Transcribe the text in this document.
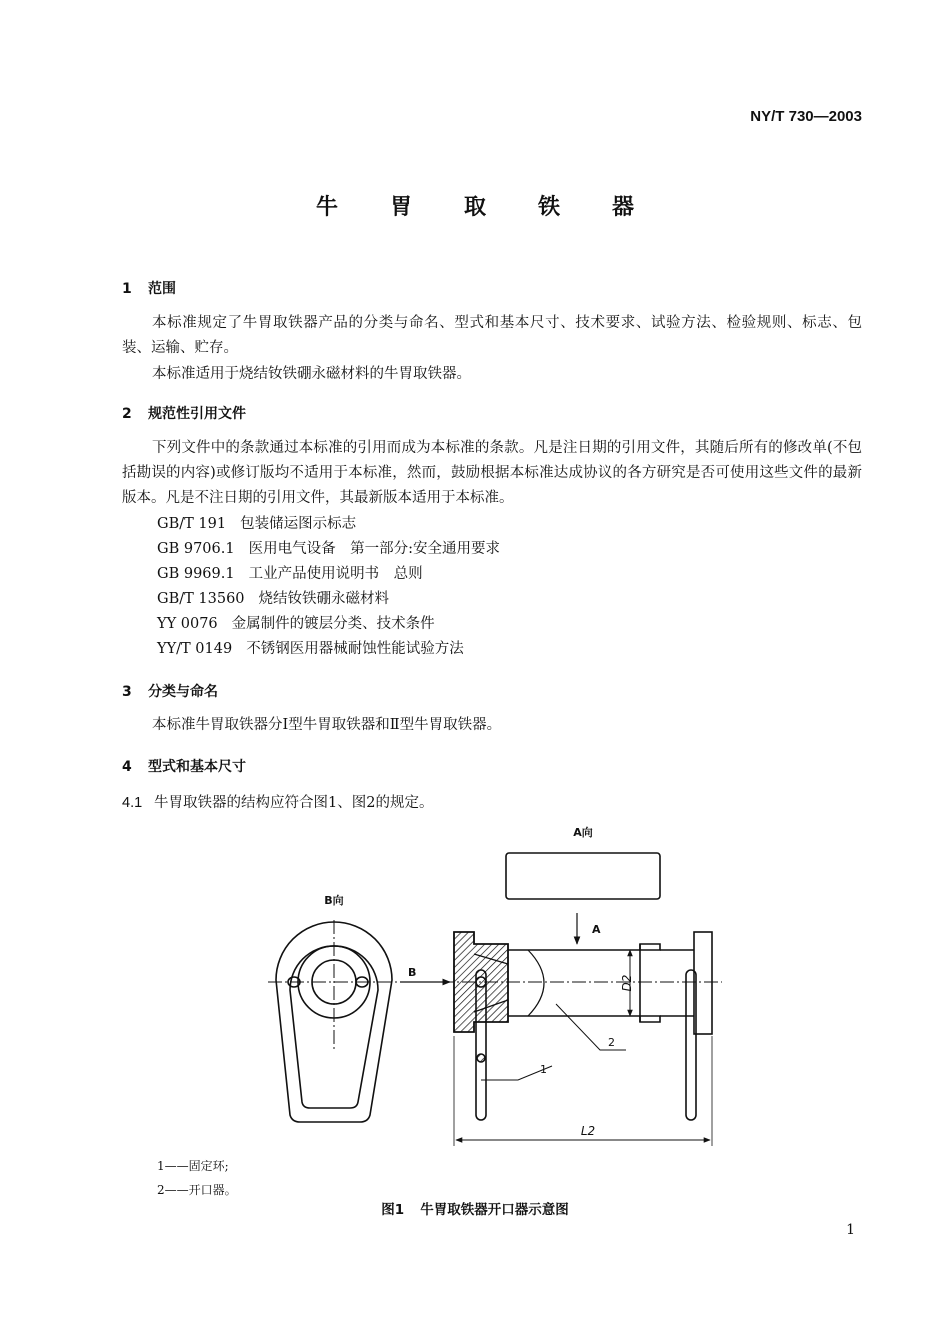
NY/T 730—2003
牛胃取铁器
1 范围
本标准规定了牛胃取铁器产品的分类与命名、型式和基本尺寸、技术要求、试验方法、检验规则、标志、包装、运输、贮存。
本标准适用于烧结钕铁硼永磁材料的牛胃取铁器。
2 规范性引用文件
下列文件中的条款通过本标准的引用而成为本标准的条款。凡是注日期的引用文件，其随后所有的修改单(不包括勘误的内容)或修订版均不适用于本标准，然而，鼓励根据本标准达成协议的各方研究是否可使用这些文件的最新版本。凡是不注日期的引用文件，其最新版本适用于本标准。
GB/T 191 包装储运图示标志
GB 9706.1 医用电气设备　第一部分:安全通用要求
GB 9969.1 工业产品使用说明书　总则
GB/T 13560 烧结钕铁硼永磁材料
YY 0076 金属制件的镀层分类、技术条件
YY/T 0149 不锈钢医用器械耐蚀性能试验方法
3 分类与命名
本标准牛胃取铁器分Ⅰ型牛胃取铁器和Ⅱ型牛胃取铁器。
4 型式和基本尺寸
4.1 牛胃取铁器的结构应符合图1、图2的规定。
A向
B向
B
A
D2
1
2
L2
1——固定环;
2——开口器。
图1 牛胃取铁器开口器示意图
1
